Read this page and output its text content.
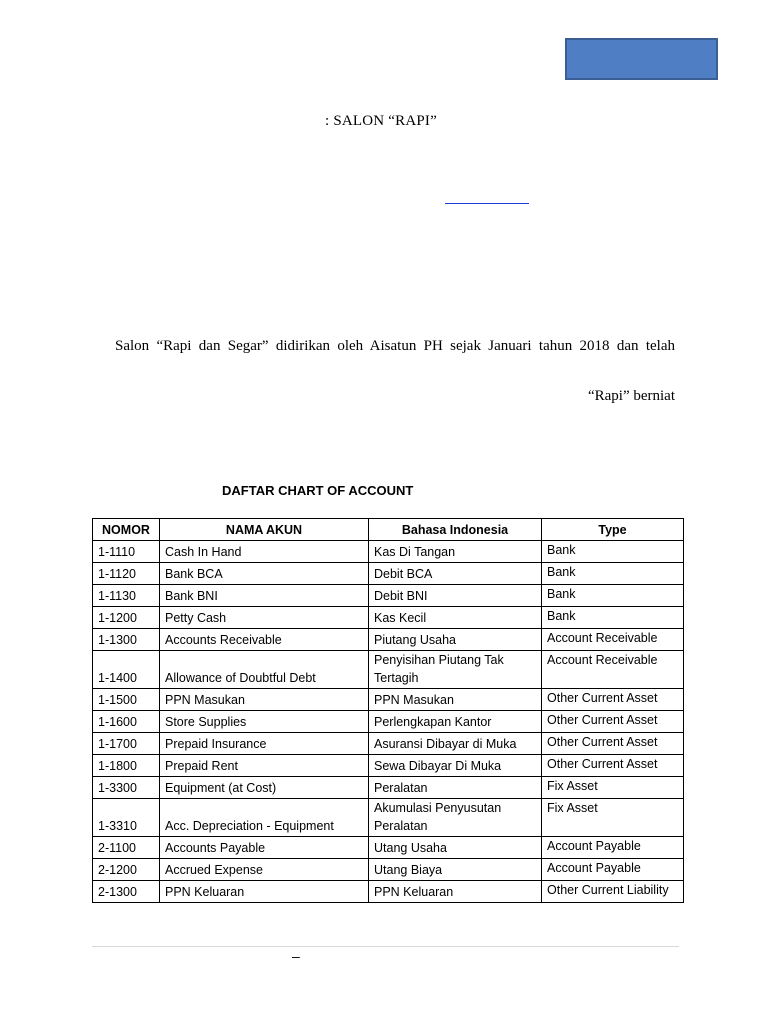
: SALON “RAPI”
Salon “Rapi dan Segar” didirikan oleh Aisatun PH sejak Januari tahun 2018 dan telah
“Rapi” berniat
DAFTAR CHART OF ACCOUNT
NOMOR	NAMA AKUN	Bahasa Indonesia	Type
1-1110	Cash In Hand	Kas Di Tangan	Bank
1-1120	Bank BCA	Debit BCA	Bank
1-1130	Bank BNI	Debit BNI	Bank
1-1200	Petty Cash	Kas Kecil	Bank
1-1300	Accounts Receivable	Piutang Usaha	Account Receivable
1-1400	Allowance of Doubtful Debt	Penyisihan Piutang Tak Tertagih	Account Receivable
1-1500	PPN Masukan	PPN Masukan	Other Current Asset
1-1600	Store Supplies	Perlengkapan Kantor	Other Current Asset
1-1700	Prepaid Insurance	Asuransi Dibayar di Muka	Other Current Asset
1-1800	Prepaid Rent	Sewa Dibayar Di Muka	Other Current Asset
1-3300	Equipment (at Cost)	Peralatan	Fix Asset
1-3310	Acc. Depreciation - Equipment	Akumulasi Penyusutan Peralatan	Fix Asset
2-1100	Accounts Payable	Utang Usaha	Account Payable
2-1200	Accrued Expense	Utang Biaya	Account Payable
2-1300	PPN Keluaran	PPN Keluaran	Other Current Liability
–
